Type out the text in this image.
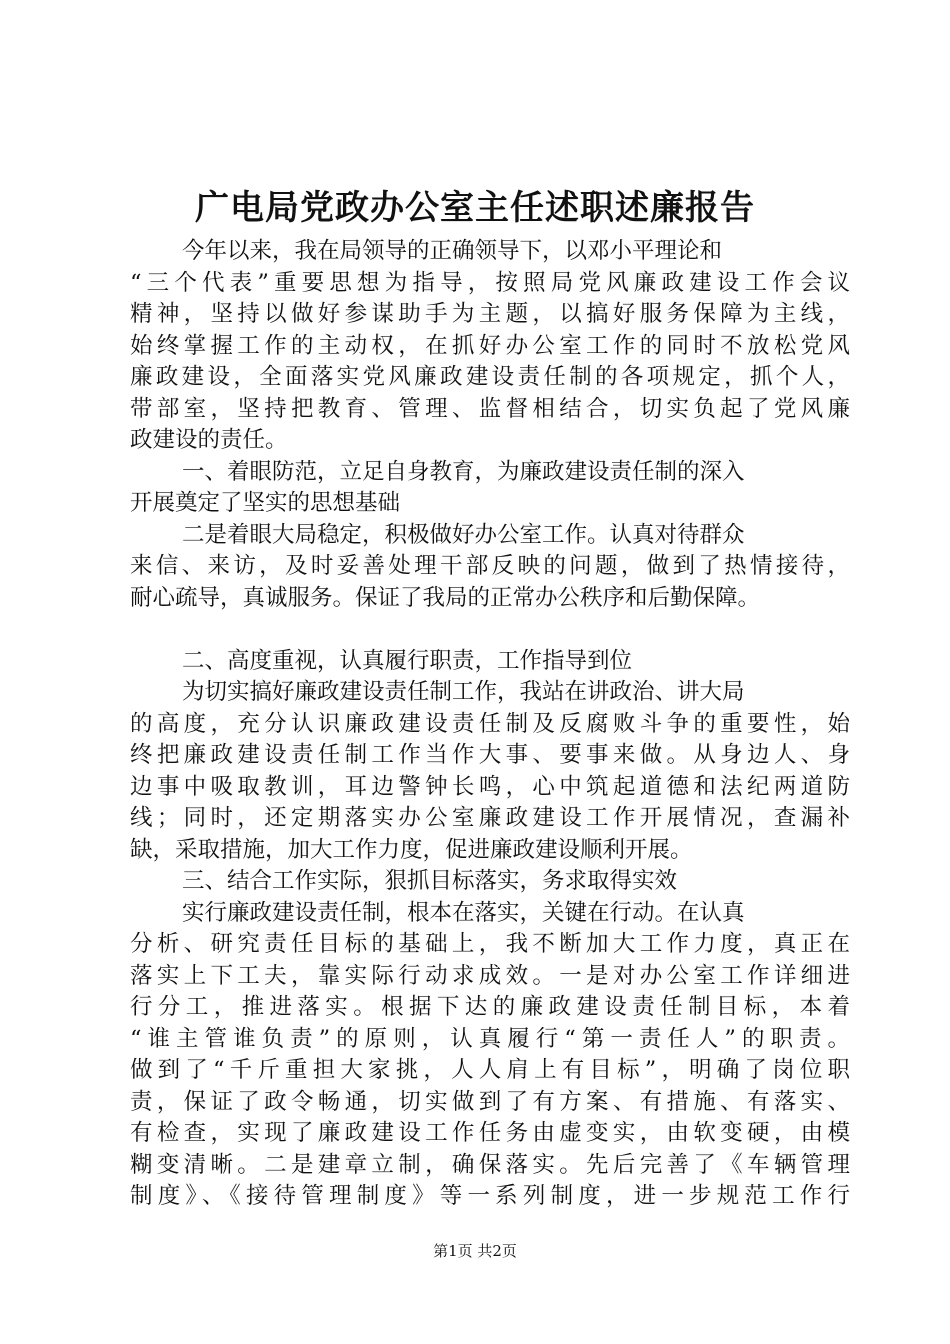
广电局党政办公室主任述职述廉报告
今年以来，我在局领导的正确领导下，以邓小平理论和
“三个代表”重要思想为指导，按照局党风廉政建设工作会议
精神，坚持以做好参谋助手为主题，以搞好服务保障为主线，
始终掌握工作的主动权，在抓好办公室工作的同时不放松党风
廉政建设，全面落实党风廉政建设责任制的各项规定，抓个人，
带部室，坚持把教育、管理、监督相结合，切实负起了党风廉
政建设的责任。
一、着眼防范，立足自身教育，为廉政建设责任制的深入
开展奠定了坚实的思想基础
二是着眼大局稳定，积极做好办公室工作。认真对待群众
来信、来访，及时妥善处理干部反映的问题，做到了热情接待，
耐心疏导，真诚服务。保证了我局的正常办公秩序和后勤保障。
二、高度重视，认真履行职责，工作指导到位
为切实搞好廉政建设责任制工作，我站在讲政治、讲大局
的高度，充分认识廉政建设责任制及反腐败斗争的重要性，始
终把廉政建设责任制工作当作大事、要事来做。从身边人、身
边事中吸取教训，耳边警钟长鸣，心中筑起道德和法纪两道防
线；同时，还定期落实办公室廉政建设工作开展情况，查漏补
缺，采取措施，加大工作力度，促进廉政建设顺利开展。
三、结合工作实际，狠抓目标落实，务求取得实效
实行廉政建设责任制，根本在落实，关键在行动。在认真
分析、研究责任目标的基础上，我不断加大工作力度，真正在
落实上下工夫，靠实际行动求成效。一是对办公室工作详细进
行分工，推进落实。根据下达的廉政建设责任制目标，本着
“谁主管谁负责”的原则，认真履行“第一责任人”的职责。
做到了“千斤重担大家挑，人人肩上有目标”，明确了岗位职
责，保证了政令畅通，切实做到了有方案、有措施、有落实、
有检查，实现了廉政建设工作任务由虚变实，由软变硬，由模
糊变清晰。二是建章立制，确保落实。先后完善了《车辆管理
制度》、《接待管理制度》等一系列制度，进一步规范工作行
第1页 共2页
